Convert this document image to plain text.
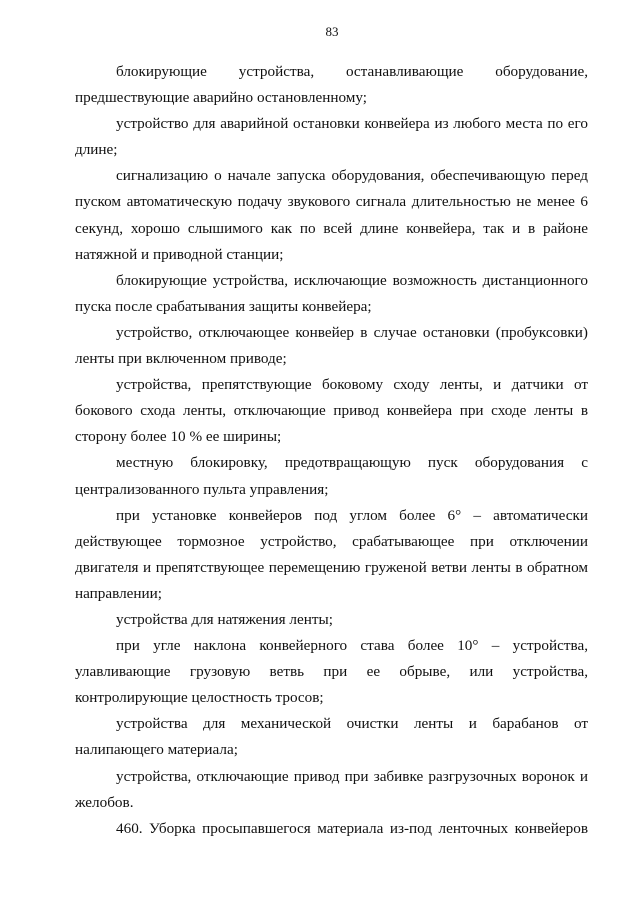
83

блокирующие устройства, останавливающие оборудование, предшествующие аварийно остановленному;

устройство для аварийной остановки конвейера из любого места по его длине;

сигнализацию о начале запуска оборудования, обеспечивающую перед пуском автоматическую подачу звукового сигнала длительностью не менее 6 секунд, хорошо слышимого как по всей длине конвейера, так и в районе натяжной и приводной станции;

блокирующие устройства, исключающие возможность дистанционного пуска после срабатывания защиты конвейера;

устройство, отключающее конвейер в случае остановки (пробуксовки) ленты при включенном приводе;

устройства, препятствующие боковому сходу ленты, и датчики от бокового схода ленты, отключающие привод конвейера при сходе ленты в сторону более 10 % ее ширины;

местную блокировку, предотвращающую пуск оборудования с централизованного пульта управления;

при установке конвейеров под углом более 6° – автоматически действующее тормозное устройство, срабатывающее при отключении двигателя и препятствующее перемещению груженой ветви ленты в обратном направлении;

устройства для натяжения ленты;

при угле наклона конвейерного става более 10° – устройства, улавливающие грузовую ветвь при ее обрыве, или устройства, контролирующие целостность тросов;

устройства для механической очистки ленты и барабанов от налипающего материала;

устройства, отключающие привод при забивке разгрузочных воронок и желобов.

460. Уборка просыпавшегося материала из-под ленточных конвейеров
